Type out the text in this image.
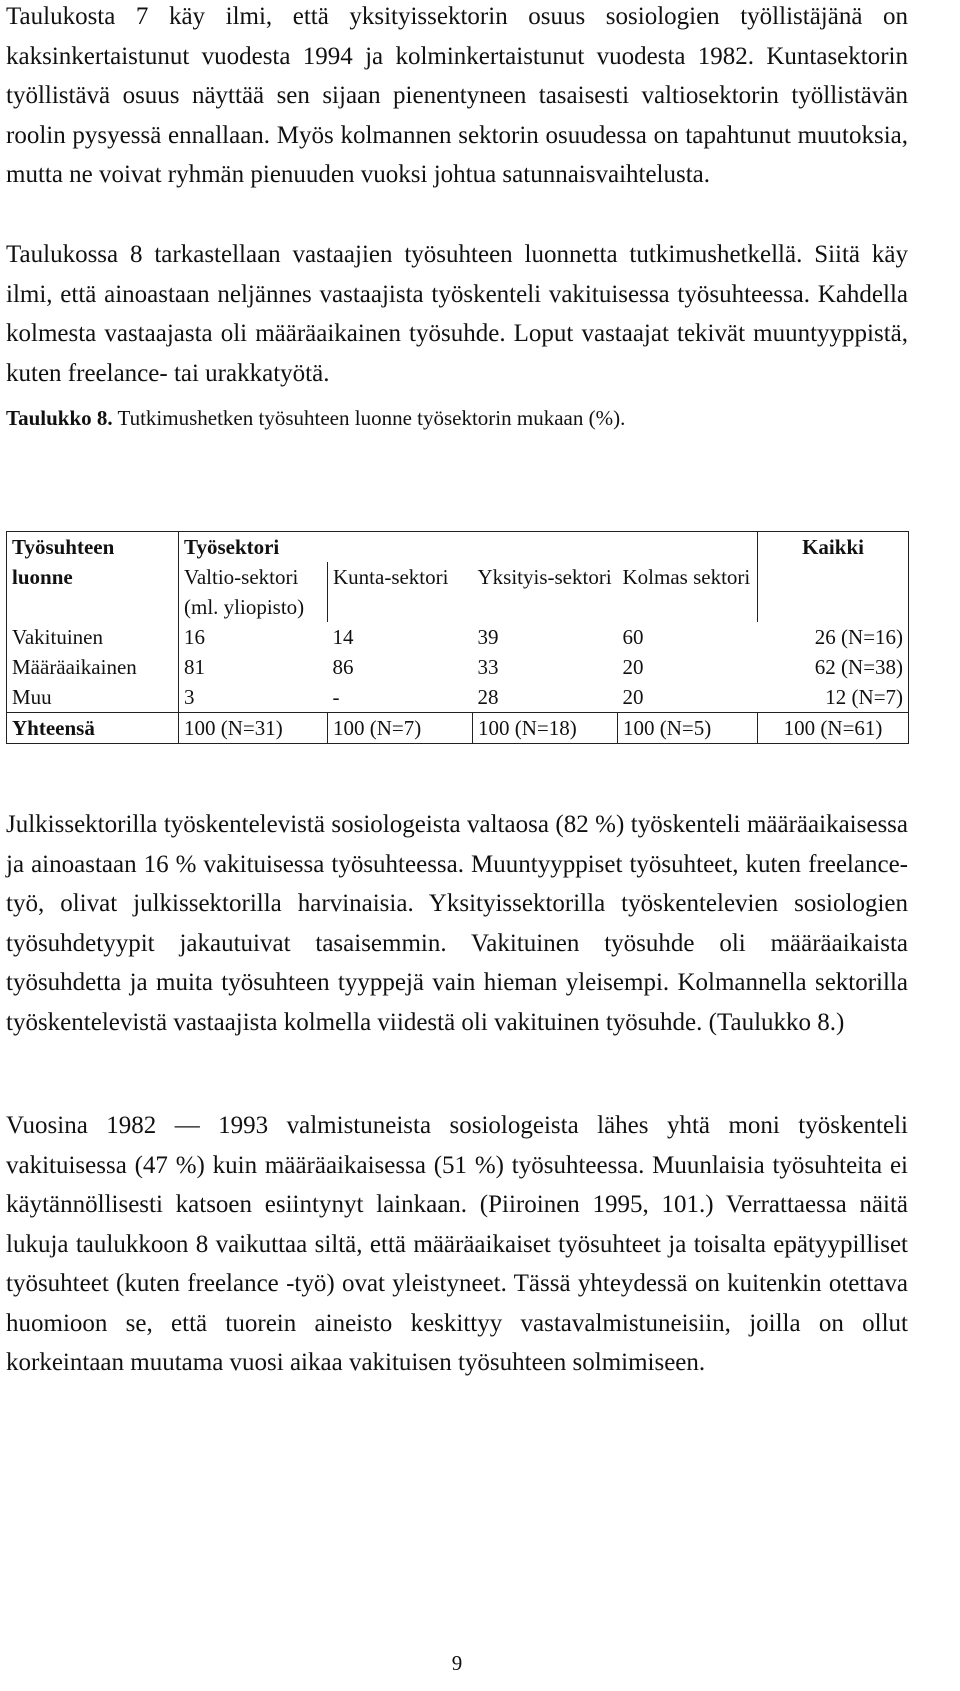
Taulukosta 7 käy ilmi, että yksityissektorin osuus sosiologien työllistäjänä on kaksinkertaistunut vuodesta 1994 ja kolminkertaistunut vuodesta 1982. Kuntasektorin työllistävä osuus näyttää sen sijaan pienentyneen tasaisesti valtiosektorin työllistävän roolin pysyessä ennallaan. Myös kolmannen sektorin osuudessa on tapahtunut muutoksia, mutta ne voivat ryhmän pienuuden vuoksi johtua satunnaisvaihtelusta.

Taulukossa 8 tarkastellaan vastaajien työsuhteen luonnetta tutkimushetkellä. Siitä käy ilmi, että ainoastaan neljännes vastaajista työskenteli vakituisessa työsuhteessa. Kahdella kolmesta vastaajasta oli määräaikainen työsuhde. Loput vastaajat tekivät muuntyyppistä, kuten freelance- tai urakkatyötä.

Taulukko 8. Tutkimushetken työsuhteen luonne työsektorin mukaan (%).
Työsuhteen luonne	Työsektori				Kaikki
	Valtio-sektori (ml. yliopisto)	Kunta-sektori	Yksityis-sektori	Kolmas sektori	
Vakituinen	16	14	39	60	26 (N=16)
Määräaikainen	81	86	33	20	62 (N=38)
Muu	3	-	28	20	12 (N=7)
Yhteensä	100 (N=31)	100 (N=7)	100 (N=18)	100 (N=5)	100 (N=61)

Julkissektorilla työskentelevistä sosiologeista valtaosa (82 %) työskenteli määräaikaisessa ja ainoastaan 16 % vakituisessa työsuhteessa. Muuntyyppiset työsuhteet, kuten freelance-työ, olivat julkissektorilla harvinaisia. Yksityissektorilla työskentelevien sosiologien työsuhdetyypit jakautuivat tasaisemmin. Vakituinen työsuhde oli määräaikaista työsuhdetta ja muita työsuhteen tyyppejä vain hieman yleisempi. Kolmannella sektorilla työskentelevistä vastaajista kolmella viidestä oli vakituinen työsuhde. (Taulukko 8.)

Vuosina 1982 — 1993 valmistuneista sosiologeista lähes yhtä moni työskenteli vakituisessa (47 %) kuin määräaikaisessa (51 %) työsuhteessa. Muunlaisia työsuhteita ei käytännöllisesti katsoen esiintynyt lainkaan. (Piiroinen 1995, 101.) Verrattaessa näitä lukuja taulukkoon 8 vaikuttaa siltä, että määräaikaiset työsuhteet ja toisalta epätyypilliset työsuhteet (kuten freelance -työ) ovat yleistyneet. Tässä yhteydessä on kuitenkin otettava huomioon se, että tuorein aineisto keskittyy vastavalmistuneisiin, joilla on ollut korkeintaan muutama vuosi aikaa vakituisen työsuhteen solmimiseen.

9
